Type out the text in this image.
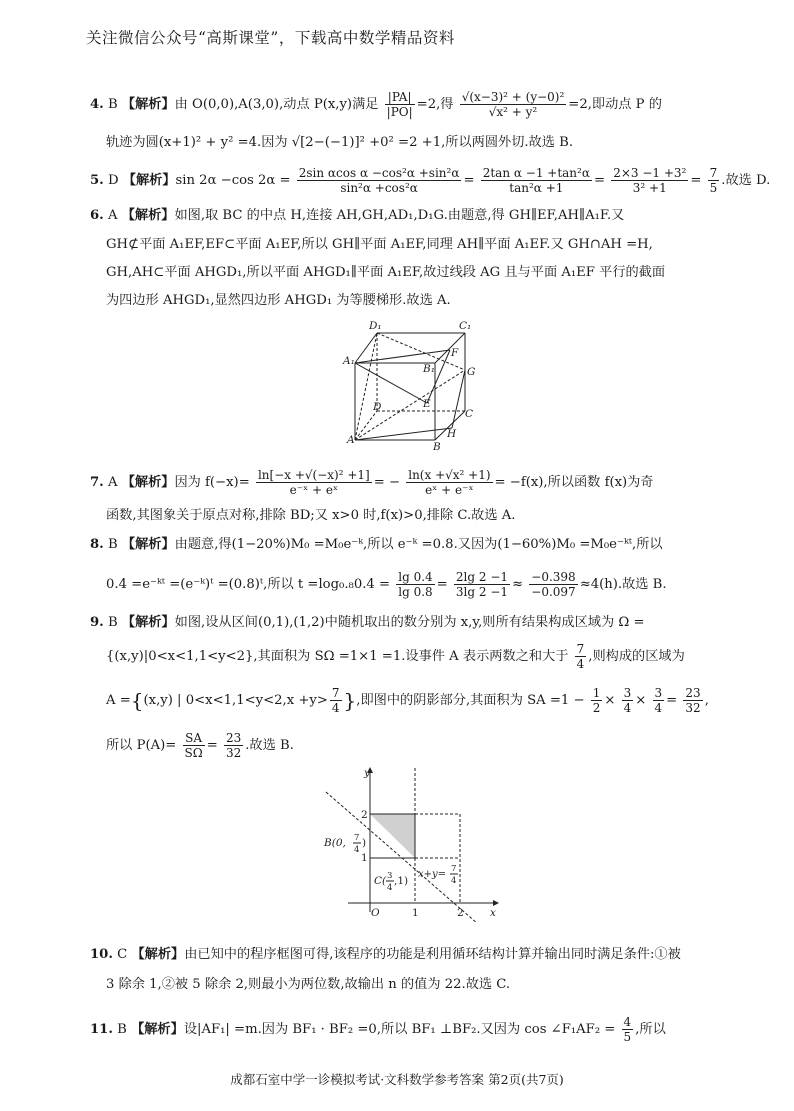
关注微信公众号“高斯课堂”，下载高中数学精品资料
4. B 【解析】由 O(0,0),A(3,0),动点 P(x,y)满足 $\frac{|PA|}{|PO|} =2$,得 $\frac{\text{√(x−3)² + (y−0)²}}{\text{√x² + y²}} =2$,即动点 P 的
轨迹为圆(x+1)² + y² =4.因为 √[2−(−1)]² +0² =2 +1,所以两圆外切.故选 B.
5. D 【解析】sin 2α −cos $2\alpha = \frac{\text{2sin αcos α −cos²α +sin²α}}{\text{sin²α +cos²α}} = \frac{\text{2tan α −1 +tan²α}}{\text{tan²α +1}} = \frac{\text{2×3 −1 +3²}}{\text{3² +1}} = \frac{7}{5}$ .故选 D.
6. A 【解析】如图,取 BC 的中点 H,连接 AH,GH,AD₁,D₁G.由题意,得 GH∥EF,AH∥A₁F.又
GH⊄平面 A₁EF,EF⊂平面 A₁EF,所以 GH∥平面 A₁EF,同理 AH∥平面 A₁EF.又 GH∩AH =H,
GH,AH⊂平面 AHGD₁,所以平面 AHGD₁∥平面 A₁EF,故过线段 AG 且与平面 A₁EF 平行的截面
为四边形 AHGD₁,显然四边形 AHGD₁ 为等腰梯形.故选 A.
D₁	C₁
A₁
B₁
F
G
D	E
C
A	H
B
7. A 【解析】因为 $f(-x)= \frac{\text{ln[−x +√(−x)² +1]}}{\text{e⁻ˣ + eˣ}}$ = − $\frac{\text{ln(x +√x² +1)}}{\text{eˣ + e⁻ˣ}} = -f(x)$,所以函数 f(x)为奇
函数,其图象关于原点对称,排除 BD;又 x>0 时,f(x)>0,排除 C.故选 A.
8. B 【解析】由题意,得(1−20%)M₀ =M₀e⁻ᵏ,所以 e⁻ᵏ =0.8.又因为(1−60%)M₀ =M₀e⁻ᵏᵗ,所以
0.4 =e⁻ᵏᵗ =(e⁻ᵏ)ᵗ =(0.8)ᵗ,所以 $t =\log_0._80.4 = \frac{\lg 0.4}{\lg 0.8} = \frac{2\lg 2 -1}{3\lg 2 -1} \approx \frac{-0.398}{-0.097} \approx 4(h)$.故选 B.
9. B 【解析】如图,设从区间(0,1),(1,2)中随机取出的数分别为 x,y,则所有结果构成区域为 Ω =
{(x,y)|0<x<1,1<y<2},其面积为 SΩ =1×1 =1.设事件 A 表示两数之和大于 $\frac{7}{4}$ ,则构成的区域为
A ={(x,y) | $0<x<1,1<y<2,x +y> \frac{7}{4}$ },即图中的阴影部分,其面积为 SA $=1 - \frac{1}{2} \times \frac{3}{4} \times \frac{3}{4} = \frac{23}{32}$ ,
所以 $P(A)= \frac{SA}{S\Omega} = \frac{23}{32}$ .故选 B.
y
x
O	1	2
1
2
B(0, 7
4
)
C( 3
4
,1)
x+y= 7
4
10. C 【解析】由已知中的程序框图可得,该程序的功能是利用循环结构计算并输出同时满足条件:①被
3 除余 1,②被 5 除余 2,则最小为两位数,故输出 n 的值为 22.故选 C.
11. B 【解析】设|AF₁| =m.因为 BF₁ · BF₂ =0,所以 BF₁ ⊥BF₂.又因为 cos ∠F₁AF₂ = $\frac{4}{5}$ ,所以
成都石室中学一诊模拟考试·文科数学参考答案 第2页(共7页)
